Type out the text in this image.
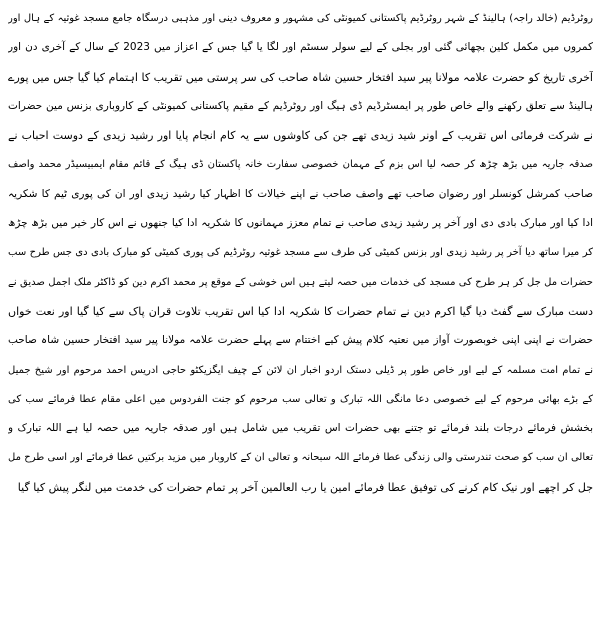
روٹرڈیم (خالد راجہ) ہالینڈ کے شہر روٹرڈیم پاکستانی کمیونٹی کی مشہور و معروف دینی اور مذہبی درسگاہ جامع مسجد غوثیہ کے ہال اور
کمروں میں مکمل کلین بچھائی گئی اور بجلی کے لیے سولر سسٹم اور لگا یا گیا جس کے اعزاز میں 2023 کے سال کے آخری دن اور
آخری تاریخ کو حضرت علامہ مولانا پیر سید افتخار حسین شاہ صاحب کی سر پرستی میں تقریب کا اہتمام کیا گیا جس میں پورے
ہالینڈ سے تعلق رکھنے والے خاص طور پر ایمسٹرڈیم ڈی ہیگ اور روٹرڈیم کے مقیم پاکستانی کمیونٹی کے کاروباری بزنس مین حضرات
نے شرکت فرمائی اس تقریب کے اونر شید زیدی تھے جن کی کاوشوں سے یہ کام انجام پایا اور رشید زیدی کے دوست احباب نے
صدقہ جاریہ میں بڑھ چڑھ کر حصہ لیا اس بزم کے مہمان خصوصی سفارت خانہ پاکستان ڈی ہیگ کے قائم مقام ایمبیسیڈر محمد واصف
صاحب کمرشل کونسلر اور رضوان صاحب تھے واصف صاحب نے اپنے خیالات کا اظہار کیا رشید زیدی اور ان کی پوری ٹیم کا شکریہ
ادا کیا اور مبارک بادی دی اور آخر پر رشید زیدی صاحب نے تمام معزز مہمانوں کا شکریہ ادا کیا جنھوں نے اس کار خیر میں بڑھ چڑھ
کر میرا ساتھ دیا آخر پر رشید زیدی اور بزنس کمیٹی کی طرف سے مسجد غوثیہ روٹرڈیم کی پوری کمیٹی کو مبارک بادی دی جس طرح سب
حضرات مل جل کر ہر طرح کی مسجد کی خدمات میں حصہ لیتے ہیں اس خوشی کے موقع پر محمد اکرم دین کو ڈاکٹر ملک اجمل صدیق نے
دست مبارک سے گفٹ دیا گیا اکرم دین نے تمام حضرات کا شکریہ ادا کیا اس تقریب تلاوت قران پاک سے کیا گیا اور نعت خواں
حضرات نے اپنی اپنی خوبصورت آواز میں نعتیہ کلام پیش کیے اختتام سے پہلے حضرت علامہ مولانا پیر سید افتخار حسین شاہ صاحب
نے تمام امت مسلمہ کے لیے اور خاص طور پر ڈیلی دستک اردو اخبار ان لائن کے چیف ایگزیکٹو حاجی ادریس احمد مرحوم اور شیخ جمیل
کے بڑے بھائی مرحوم کے لیے خصوصی دعا مانگی اللہ تبارک و تعالی سب مرحوم کو جنت الفردوس میں اعلی مقام عطا فرمائے سب کی
بخشش فرمائے درجات بلند فرمائے تو جتنے بھی حضرات اس تقریب میں شامل ہیں اور صدقہ جاریہ میں حصہ لیا ہے اللہ تبارک و
تعالی ان سب کو صحت تندرستی والی زندگی عطا فرمائے اللہ سبحانہ و تعالی ان کے کاروبار میں مزید برکتیں عطا فرمائے اور اسی طرح مل
جل کر اچھے اور نیک کام کرنے کی توفیق عطا فرمائے امین یا رب العالمین آخر پر تمام حضرات کی خدمت میں لنگر پیش کیا گیا
